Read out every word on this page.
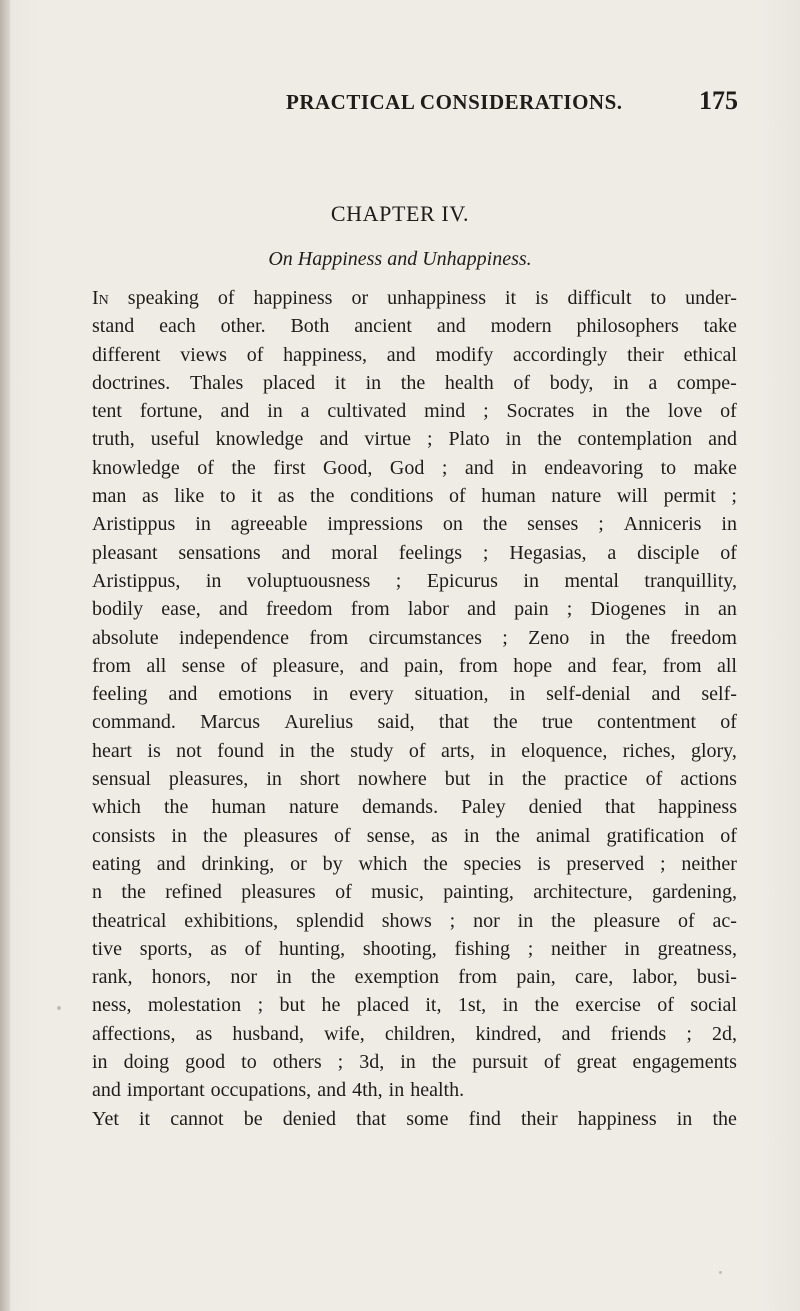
PRACTICAL CONSIDERATIONS.	175
CHAPTER IV.
On Happiness and Unhappiness.
In speaking of happiness or unhappiness it is difficult to under-
stand each other. Both ancient and modern philosophers take
different views of happiness, and modify accordingly their ethical
doctrines. Thales placed it in the health of body, in a compe-
tent fortune, and in a cultivated mind ; Socrates in the love of
truth, useful knowledge and virtue ; Plato in the contemplation and
knowledge of the first Good, God ; and in endeavoring to make
man as like to it as the conditions of human nature will permit ;
Aristippus in agreeable impressions on the senses ; Anniceris in
pleasant sensations and moral feelings ; Hegasias, a disciple of
Aristippus, in voluptuousness ; Epicurus in mental tranquillity,
bodily ease, and freedom from labor and pain ; Diogenes in an
absolute independence from circumstances ; Zeno in the freedom
from all sense of pleasure, and pain, from hope and fear, from all
feeling and emotions in every situation, in self-denial and self-
command. Marcus Aurelius said, that the true contentment of
heart is not found in the study of arts, in eloquence, riches, glory,
sensual pleasures, in short nowhere but in the practice of actions
which the human nature demands. Paley denied that happiness
consists in the pleasures of sense, as in the animal gratification of
eating and drinking, or by which the species is preserved ; neither
n the refined pleasures of music, painting, architecture, gardening,
theatrical exhibitions, splendid shows ; nor in the pleasure of ac-
tive sports, as of hunting, shooting, fishing ; neither in greatness,
rank, honors, nor in the exemption from pain, care, labor, busi-
ness, molestation ; but he placed it, 1st, in the exercise of social
affections, as husband, wife, children, kindred, and friends ; 2d,
in doing good to others ; 3d, in the pursuit of great engagements
and important occupations, and 4th, in health.
Yet it cannot be denied that some find their happiness in the
